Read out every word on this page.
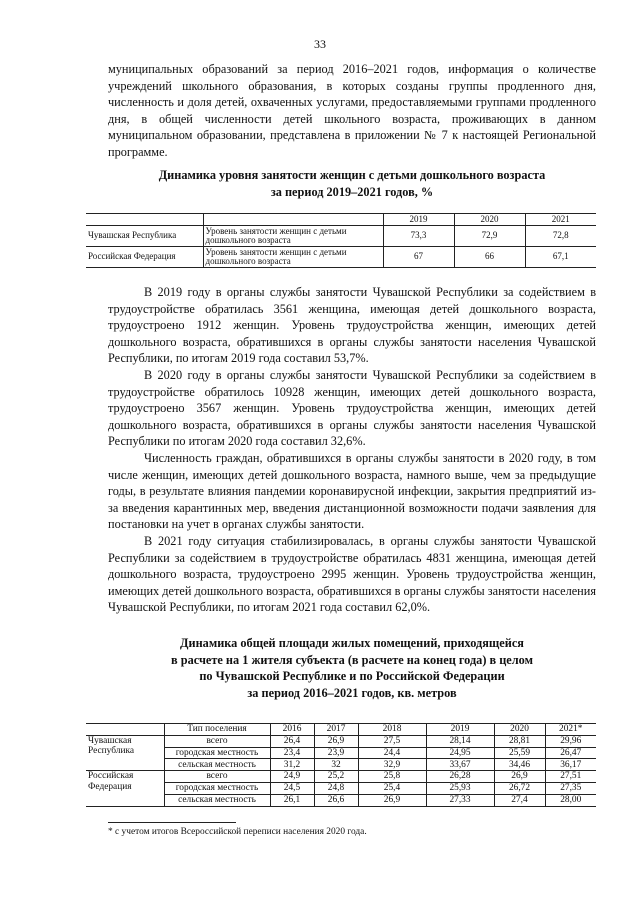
33

муниципальных образований за период 2016–2021 годов, информация о количестве учреждений школьного образования, в которых созданы группы продленного дня, численность и доля детей, охваченных услугами, предоставляемыми группами продленного дня, в общей численности детей школьного возраста, проживающих в данном муниципальном образовании, представлена в приложении № 7 к настоящей Региональной программе.

Динамика уровня занятости женщин с детьми дошкольного возраста
за период 2019–2021 годов, %

		2019	2020	2021
Чувашская Республика	Уровень занятости женщин с детьми дошкольного возраста	73,3	72,9	72,8
Российская Федерация	Уровень занятости женщин с детьми дошкольного возраста	67	66	67,1

В 2019 году в органы службы занятости Чувашской Республики за содействием в трудоустройстве обратилась 3561 женщина, имеющая детей дошкольного возраста, трудоустроено 1912 женщин. Уровень трудоустройства женщин, имеющих детей дошкольного возраста, обратившихся в органы службы занятости населения Чувашской Республики, по итогам 2019 года составил 53,7%.

В 2020 году в органы службы занятости Чувашской Республики за содействием в трудоустройстве обратилось 10928 женщин, имеющих детей дошкольного возраста, трудоустроено 3567 женщин. Уровень трудоустройства женщин, имеющих детей дошкольного возраста, обратившихся в органы службы занятости населения Чувашской Республики по итогам 2020 года составил 32,6%.

Численность граждан, обратившихся в органы службы занятости в 2020 году, в том числе женщин, имеющих детей дошкольного возраста, намного выше, чем за предыдущие годы, в результате влияния пандемии коронавирусной инфекции, закрытия предприятий из-за введения карантинных мер, введения дистанционной возможности подачи заявления для постановки на учет в органах службы занятости.

В 2021 году ситуация стабилизировалась, в органы службы занятости Чувашской Республики за содействием в трудоустройстве обратилась 4831 женщина, имеющая детей дошкольного возраста, трудоустроено 2995 женщин. Уровень трудоустройства женщин, имеющих детей дошкольного возраста, обратившихся в органы службы занятости населения Чувашской Республики, по итогам 2021 года составил 62,0%.

Динамика общей площади жилых помещений, приходящейся
в расчете на 1 жителя субъекта (в расчете на конец года) в целом
по Чувашской Республике и по Российской Федерации
за период 2016–2021 годов, кв. метров

	Тип поселения	2016	2017	2018	2019	2020	2021*
Чувашская Республика	всего	26,4	26,9	27,5	28,14	28,81	29,96
	городская местность	23,4	23,9	24,4	24,95	25,59	26,47
	сельская местность	31,2	32	32,9	33,67	34,46	36,17
Российская Федерация	всего	24,9	25,2	25,8	26,28	26,9	27,51
	городская местность	24,5	24,8	25,4	25,93	26,72	27,35
	сельская местность	26,1	26,6	26,9	27,33	27,4	28,00

* с учетом итогов Всероссийской переписи населения 2020 года.
